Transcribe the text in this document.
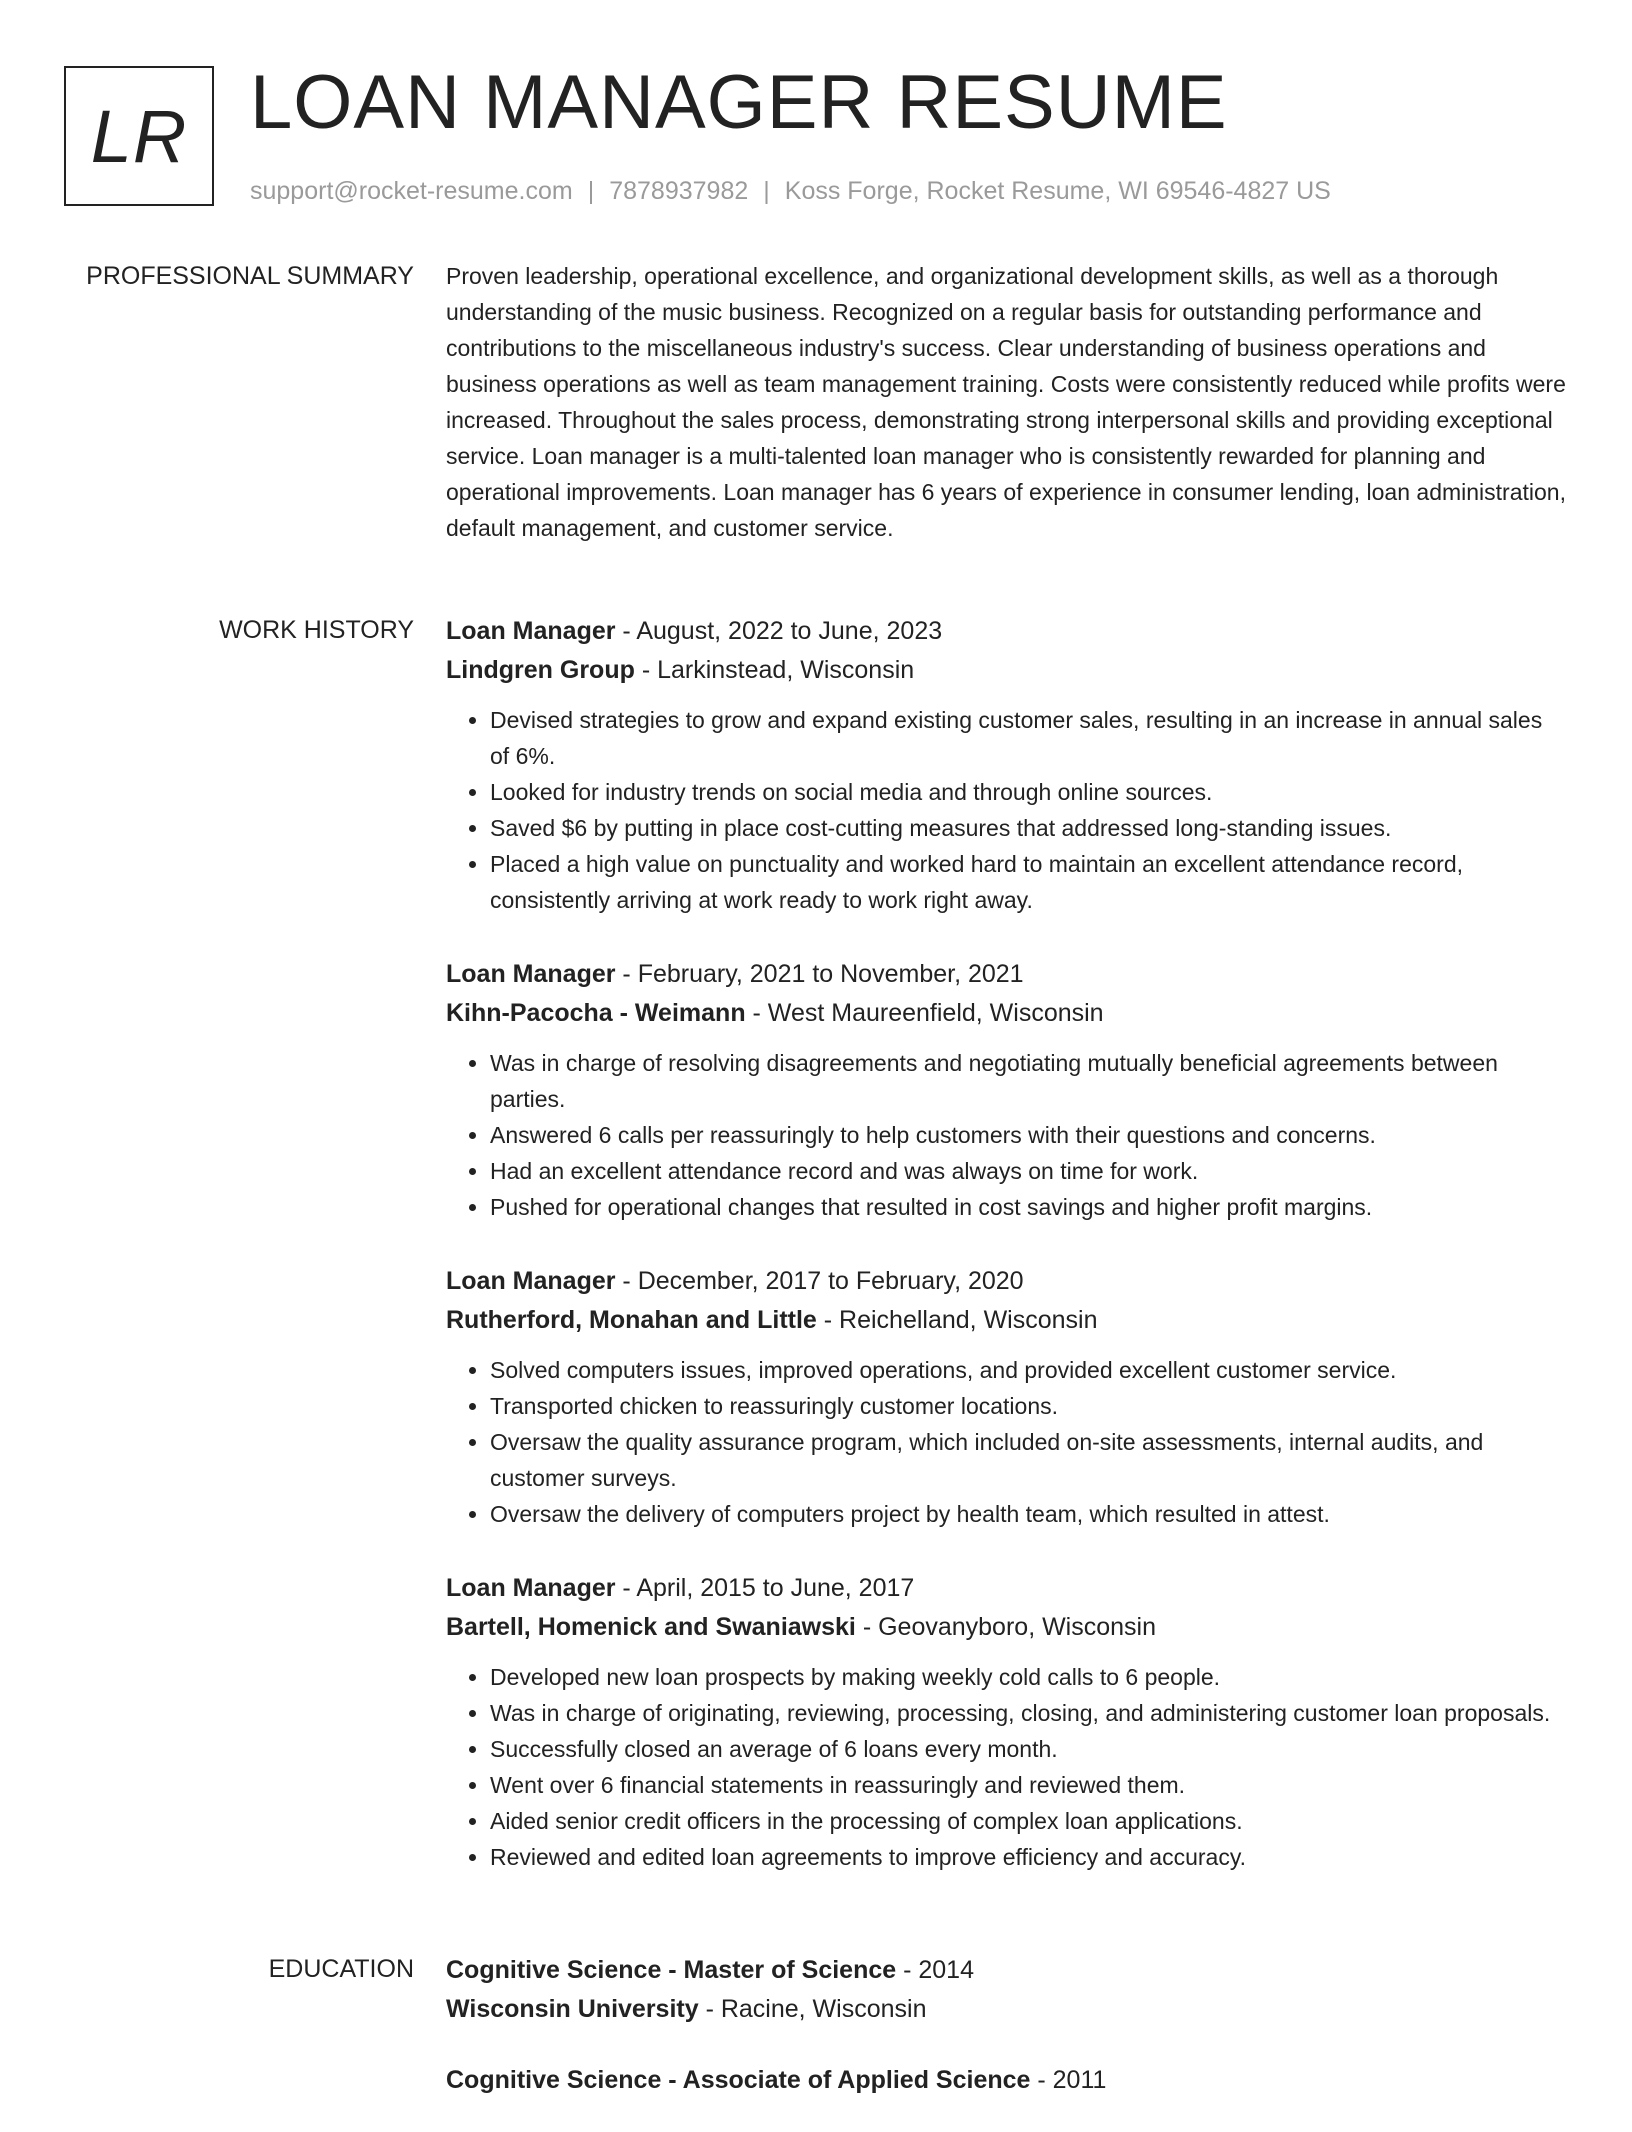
LR LOAN MANAGER RESUME
support@rocket-resume.com | 7878937982 | Koss Forge, Rocket Resume, WI 69546-4827 US
PROFESSIONAL SUMMARY Proven leadership, operational excellence, and organizational development skills, as well as a thorough understanding of the music business. Recognized on a regular basis for outstanding performance and contributions to the miscellaneous industry's success. Clear understanding of business operations and business operations as well as team management training. Costs were consistently reduced while profits were increased. Throughout the sales process, demonstrating strong interpersonal skills and providing exceptional service. Loan manager is a multi-talented loan manager who is consistently rewarded for planning and operational improvements. Loan manager has 6 years of experience in consumer lending, loan administration, default management, and customer service.

WORK HISTORY Loan Manager - August, 2022 to June, 2023
Lindgren Group - Larkinstead, Wisconsin
• Devised strategies to grow and expand existing customer sales, resulting in an increase in annual sales of 6%.
• Looked for industry trends on social media and through online sources.
• Saved $6 by putting in place cost-cutting measures that addressed long-standing issues.
• Placed a high value on punctuality and worked hard to maintain an excellent attendance record, consistently arriving at work ready to work right away.
Loan Manager - February, 2021 to November, 2021
Kihn-Pacocha - Weimann - West Maureenfield, Wisconsin
• Was in charge of resolving disagreements and negotiating mutually beneficial agreements between parties.
• Answered 6 calls per reassuringly to help customers with their questions and concerns.
• Had an excellent attendance record and was always on time for work.
• Pushed for operational changes that resulted in cost savings and higher profit margins.
Loan Manager - December, 2017 to February, 2020
Rutherford, Monahan and Little - Reichelland, Wisconsin
• Solved computers issues, improved operations, and provided excellent customer service.
• Transported chicken to reassuringly customer locations.
• Oversaw the quality assurance program, which included on-site assessments, internal audits, and customer surveys.
• Oversaw the delivery of computers project by health team, which resulted in attest.
Loan Manager - April, 2015 to June, 2017
Bartell, Homenick and Swaniawski - Geovanyboro, Wisconsin
• Developed new loan prospects by making weekly cold calls to 6 people.
• Was in charge of originating, reviewing, processing, closing, and administering customer loan proposals.
• Successfully closed an average of 6 loans every month.
• Went over 6 financial statements in reassuringly and reviewed them.
• Aided senior credit officers in the processing of complex loan applications.
• Reviewed and edited loan agreements to improve efficiency and accuracy.
EDUCATION Cognitive Science - Master of Science - 2014
Wisconsin University - Racine, Wisconsin
Cognitive Science - Associate of Applied Science - 2011
